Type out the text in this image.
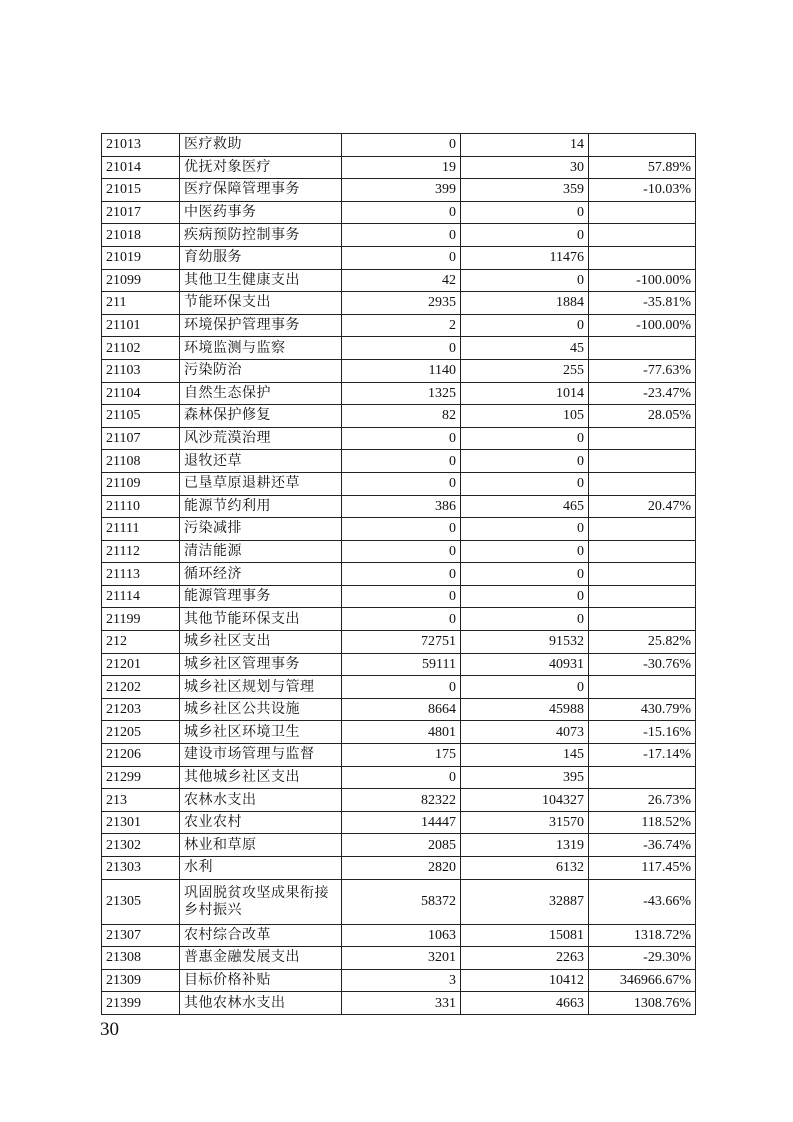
21013	医疗救助	0	14	
21014	优抚对象医疗	19	30	57.89%
21015	医疗保障管理事务	399	359	-10.03%
21017	中医药事务	0	0	
21018	疾病预防控制事务	0	0	
21019	育幼服务	0	11476	
21099	其他卫生健康支出	42	0	-100.00%
211	节能环保支出	2935	1884	-35.81%
21101	环境保护管理事务	2	0	-100.00%
21102	环境监测与监察	0	45	
21103	污染防治	1140	255	-77.63%
21104	自然生态保护	1325	1014	-23.47%
21105	森林保护修复	82	105	28.05%
21107	风沙荒漠治理	0	0	
21108	退牧还草	0	0	
21109	已垦草原退耕还草	0	0	
21110	能源节约利用	386	465	20.47%
21111	污染减排	0	0	
21112	清洁能源	0	0	
21113	循环经济	0	0	
21114	能源管理事务	0	0	
21199	其他节能环保支出	0	0	
212	城乡社区支出	72751	91532	25.82%
21201	城乡社区管理事务	59111	40931	-30.76%
21202	城乡社区规划与管理	0	0	
21203	城乡社区公共设施	8664	45988	430.79%
21205	城乡社区环境卫生	4801	4073	-15.16%
21206	建设市场管理与监督	175	145	-17.14%
21299	其他城乡社区支出	0	395	
213	农林水支出	82322	104327	26.73%
21301	农业农村	14447	31570	118.52%
21302	林业和草原	2085	1319	-36.74%
21303	水利	2820	6132	117.45%
21305	巩固脱贫攻坚成果衔接乡村振兴	58372	32887	-43.66%
21307	农村综合改革	1063	15081	1318.72%
21308	普惠金融发展支出	3201	2263	-29.30%
21309	目标价格补贴	3	10412	346966.67%
21399	其他农林水支出	331	4663	1308.76%
30
